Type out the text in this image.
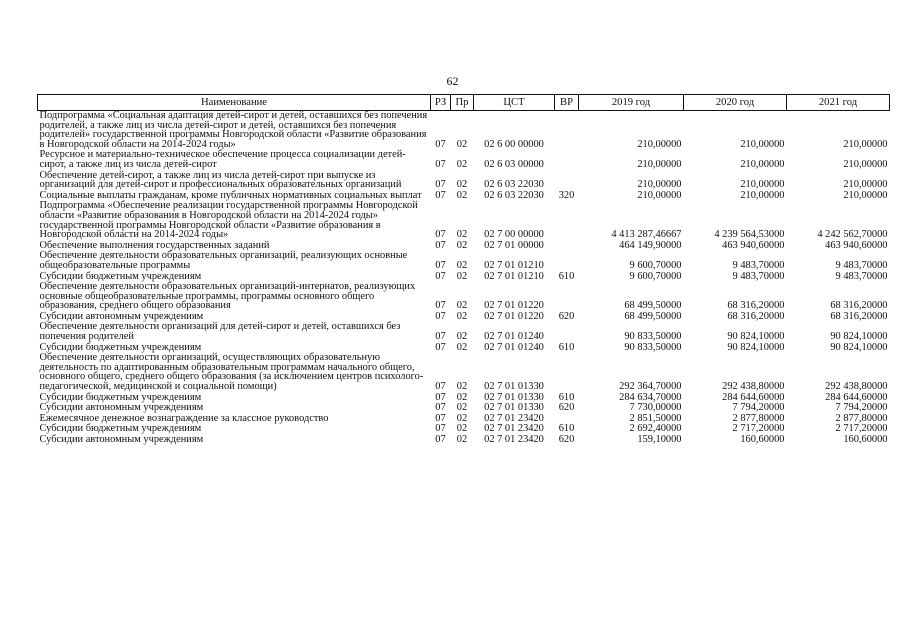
62
Наименование	РЗ	Пр	ЦСТ	ВР	2019 год	2020 год	2021 год
Подпрограмма «Социальная адаптация детей-сирот и детей, оставшихся без попечения родителей, а также лиц из числа детей-сирот и детей, оставшихся без попечения родителей» государственной программы Новгородской области «Развитие образования в Новгородской области на 2014-2024 годы»	07	02	02 6 00 00000		210,00000	210,00000	210,00000
Ресурсное и материально-техническое обеспечение процесса социализации детей-сирот, а также лиц из числа детей-сирот	07	02	02 6 03 00000		210,00000	210,00000	210,00000
Обеспечение детей-сирот, а также лиц из числа детей-сирот при выпуске из организаций для детей-сирот и профессиональных образовательных организаций	07	02	02 6 03 22030		210,00000	210,00000	210,00000
Социальные выплаты гражданам, кроме публичных нормативных социальных выплат	07	02	02 6 03 22030	320	210,00000	210,00000	210,00000
Подпрограмма «Обеспечение реализации государственной программы Новгородской области «Развитие образования в Новгородской области на 2014-2024 годы» государственной программы Новгородской области «Развитие образования в Новгородской области на 2014-2024 годы»	07	02	02 7 00 00000		4 413 287,46667	4 239 564,53000	4 242 562,70000
Обеспечение выполнения государственных заданий	07	02	02 7 01 00000		464 149,90000	463 940,60000	463 940,60000
Обеспечение деятельности образовательных организаций, реализующих основные общеобразовательные программы	07	02	02 7 01 01210		9 600,70000	9 483,70000	9 483,70000
Субсидии бюджетным учреждениям	07	02	02 7 01 01210	610	9 600,70000	9 483,70000	9 483,70000
Обеспечение деятельности образовательных организаций-интернатов, реализующих основные общеобразовательные программы, программы основного общего образования, среднего общего образования	07	02	02 7 01 01220		68 499,50000	68 316,20000	68 316,20000
Субсидии автономным учреждениям	07	02	02 7 01 01220	620	68 499,50000	68 316,20000	68 316,20000
Обеспечение деятельности организаций для детей-сирот и детей, оставшихся без попечения родителей	07	02	02 7 01 01240		90 833,50000	90 824,10000	90 824,10000
Субсидии бюджетным учреждениям	07	02	02 7 01 01240	610	90 833,50000	90 824,10000	90 824,10000
Обеспечение деятельности организаций, осуществляющих образовательную деятельность по адаптированным образовательным программам начального общего, основного общего, среднего общего образования (за исключением центров психолого-педагогической, медицинской и социальной помощи)	07	02	02 7 01 01330		292 364,70000	292 438,80000	292 438,80000
Субсидии бюджетным учреждениям	07	02	02 7 01 01330	610	284 634,70000	284 644,60000	284 644,60000
Субсидии автономным учреждениям	07	02	02 7 01 01330	620	7 730,00000	7 794,20000	7 794,20000
Ежемесячное денежное вознаграждение за классное руководство	07	02	02 7 01 23420		2 851,50000	2 877,80000	2 877,80000
Субсидии бюджетным учреждениям	07	02	02 7 01 23420	610	2 692,40000	2 717,20000	2 717,20000
Субсидии автономным учреждениям	07	02	02 7 01 23420	620	159,10000	160,60000	160,60000
